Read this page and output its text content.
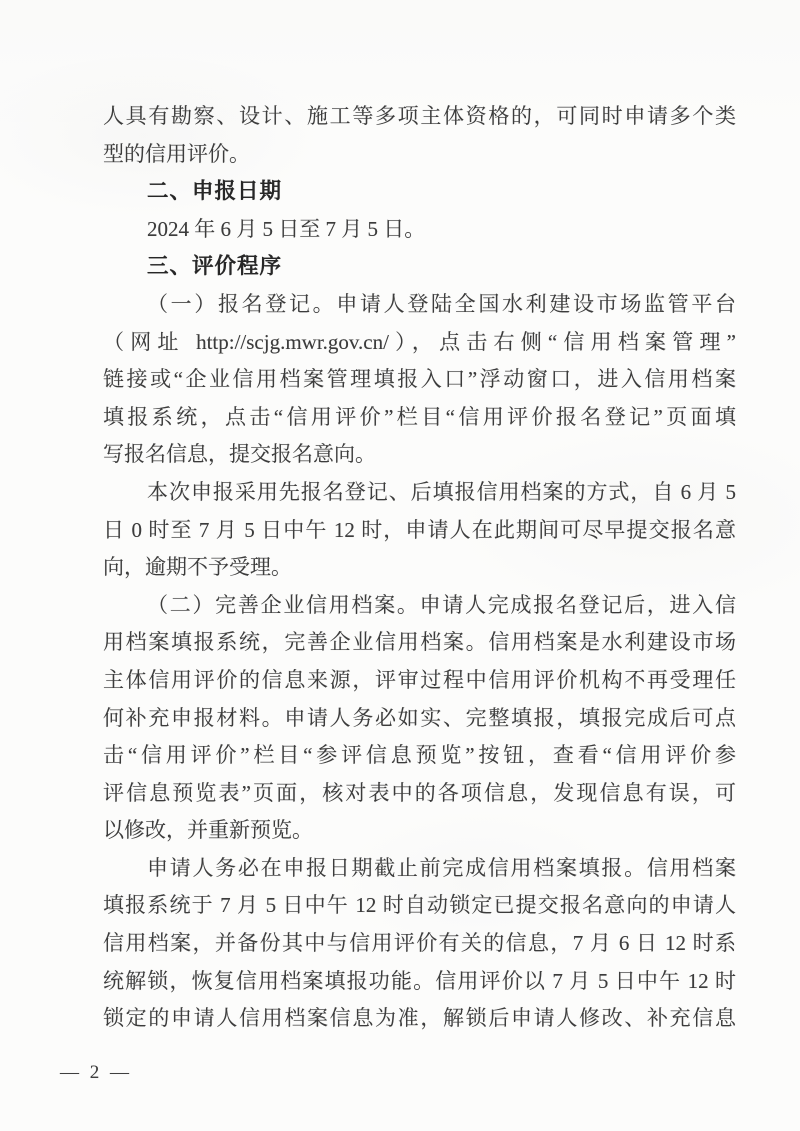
人具有勘察、设计、施工等多项主体资格的，可同时申请多个类
型的信用评价。
二、申报日期
2024 年 6 月 5 日至 7 月 5 日。
三、评价程序
（一）报名登记。申请人登陆全国水利建设市场监管平台
（网址 http://scjg.mwr.gov.cn/），点击右侧“信用档案管理”
链接或“企业信用档案管理填报入口”浮动窗口，进入信用档案
填报系统，点击“信用评价”栏目“信用评价报名登记”页面填
写报名信息，提交报名意向。
本次申报采用先报名登记、后填报信用档案的方式，自 6 月 5
日 0 时至 7 月 5 日中午 12 时，申请人在此期间可尽早提交报名意
向，逾期不予受理。
（二）完善企业信用档案。申请人完成报名登记后，进入信
用档案填报系统，完善企业信用档案。信用档案是水利建设市场
主体信用评价的信息来源，评审过程中信用评价机构不再受理任
何补充申报材料。申请人务必如实、完整填报，填报完成后可点
击“信用评价”栏目“参评信息预览”按钮，查看“信用评价参
评信息预览表”页面，核对表中的各项信息，发现信息有误，可
以修改，并重新预览。
申请人务必在申报日期截止前完成信用档案填报。信用档案
填报系统于 7 月 5 日中午 12 时自动锁定已提交报名意向的申请人
信用档案，并备份其中与信用评价有关的信息，7 月 6 日 12 时系
统解锁，恢复信用档案填报功能。信用评价以 7 月 5 日中午 12 时
锁定的申请人信用档案信息为准，解锁后申请人修改、补充信息
— 2 —
